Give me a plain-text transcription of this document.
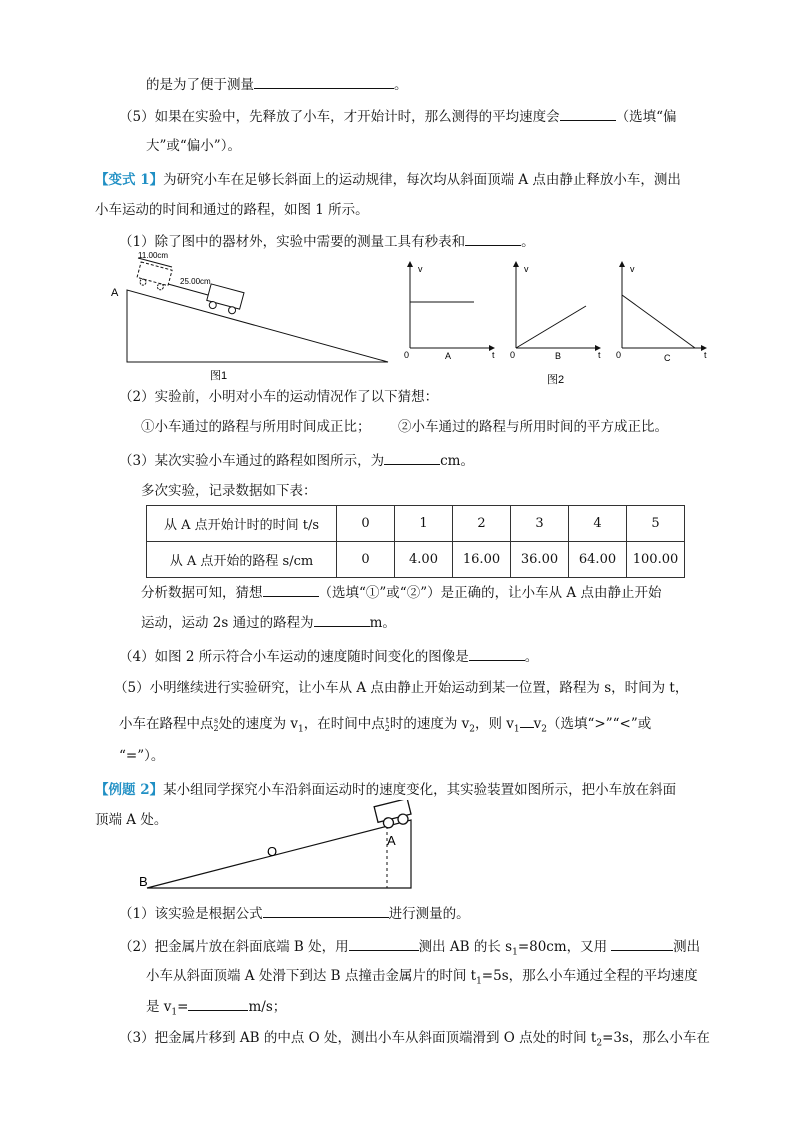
的是为了便于测量	。
（5）如果在实验中，先释放了小车，才开始计时，那么测得的平均速度会	（选填“偏
大”或“偏小”）。
【变式 1】为研究小车在足够长斜面上的运动规律，每次均从斜面顶端 A 点由静止释放小车，测出
小车运动的时间和通过的路程，如图 1 所示。
（1）除了图中的器材外，实验中需要的测量工具有秒表和	。
A
11.00cm
25.00cm
图1
v
0	t
A
v
0	t
B
v
0	t
C
图2
（2）实验前，小明对小车的运动情况作了以下猜想：
①小车通过的路程与所用时间成正比； ②小车通过的路程与所用时间的平方成正比。
（3）某次实验小车通过的路程如图所示，为	cm。
多次实验，记录数据如下表：
从 A 点开始计时的时间 t/s	0	1	2	3	4	5
从 A 点开始的路程 s/cm	0	4.00	16.00	36.00	64.00	100.00
分析数据可知，猜想	（选填“①”或“②”）是正确的，让小车从 A 点由静止开始
运动，运动 2s 通过的路程为	m。
（4）如图 2 所示符合小车运动的速度随时间变化的图像是	。
（5）小明继续进行实验研究，让小车从 A 点由静止开始运动到某一位置，路程为 s，时间为 t，
小车在路程中点 s
2 处的速度为 $v_1$，在时间中点 t
2 时的速度为 $v_2$，则 $v_1$ $v_2$（选填“>”“<”或
“=”）。
【例题 2】某小组同学探究小车沿斜面运动时的速度变化，其实验装置如图所示，把小车放在斜面
顶端 A 处。
A
B
O
（1）该实验是根据公式	进行测量的。
（2）把金属片放在斜面底端 B 处，用	测出 AB 的长 $s_1=80cm$，又用	测出
小车从斜面顶端 A 处滑下到达 B 点撞击金属片的时间 $t_1=5s$，那么小车通过全程的平均速度
是 $v_1=$	m/s；
（3）把金属片移到 AB 的中点 O 处，测出小车从斜面顶端滑到 O 点处的时间 $t_2=3s$，那么小车在
